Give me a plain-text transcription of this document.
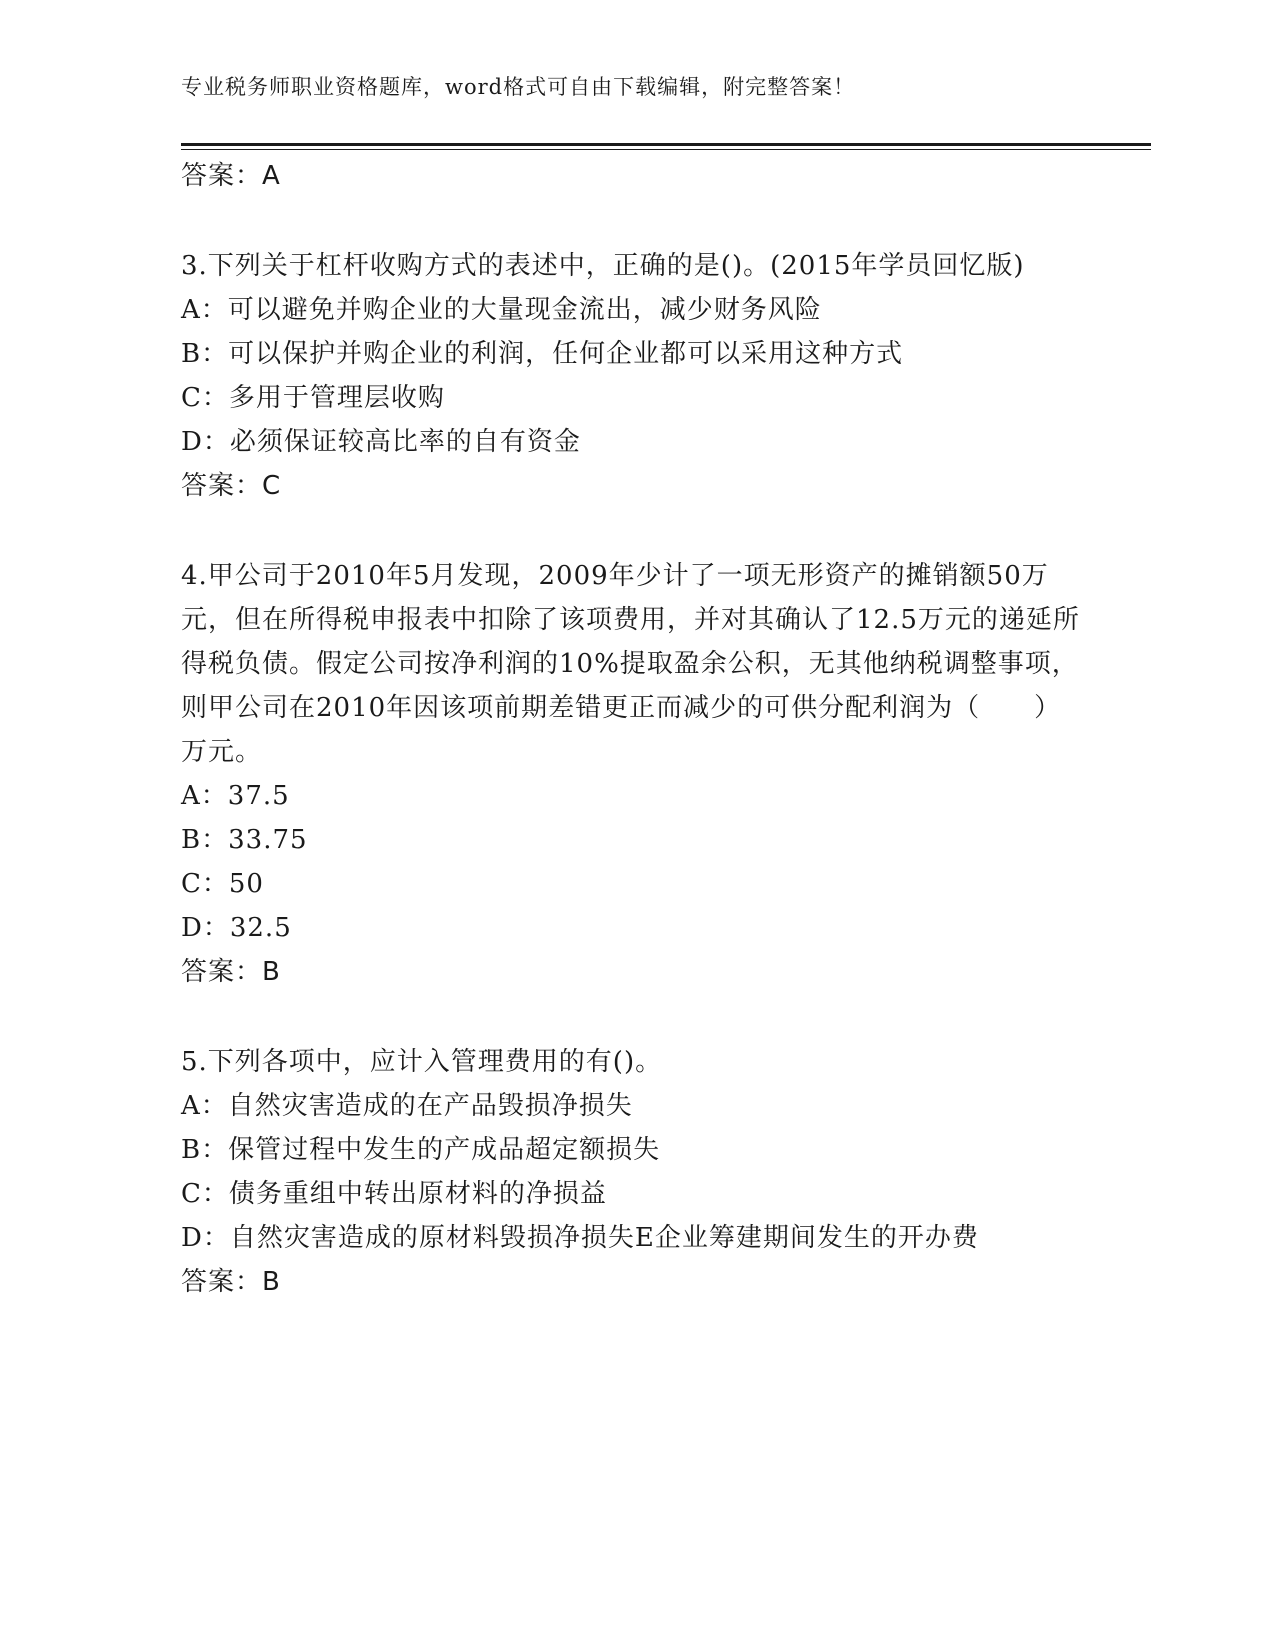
专业税务师职业资格题库，word格式可自由下载编辑，附完整答案！
答案：A
3.下列关于杠杆收购方式的表述中，正确的是()。(2015年学员回忆版)
A：可以避免并购企业的大量现金流出，减少财务风险
B：可以保护并购企业的利润，任何企业都可以采用这种方式
C：多用于管理层收购
D：必须保证较高比率的自有资金
答案：C
4.甲公司于2010年5月发现，2009年少计了一项无形资产的摊销额50万元，但在所得税申报表中扣除了该项费用，并对其确认了12.5万元的递延所得税负债。假定公司按净利润的10%提取盈余公积，无其他纳税调整事项，则甲公司在2010年因该项前期差错更正而减少的可供分配利润为（　　）万元。
A：37.5
B：33.75
C：50
D：32.5
答案：B
5.下列各项中，应计入管理费用的有()。
A：自然灾害造成的在产品毁损净损失
B：保管过程中发生的产成品超定额损失
C：债务重组中转出原材料的净损益
D：自然灾害造成的原材料毁损净损失E企业筹建期间发生的开办费
答案：B
